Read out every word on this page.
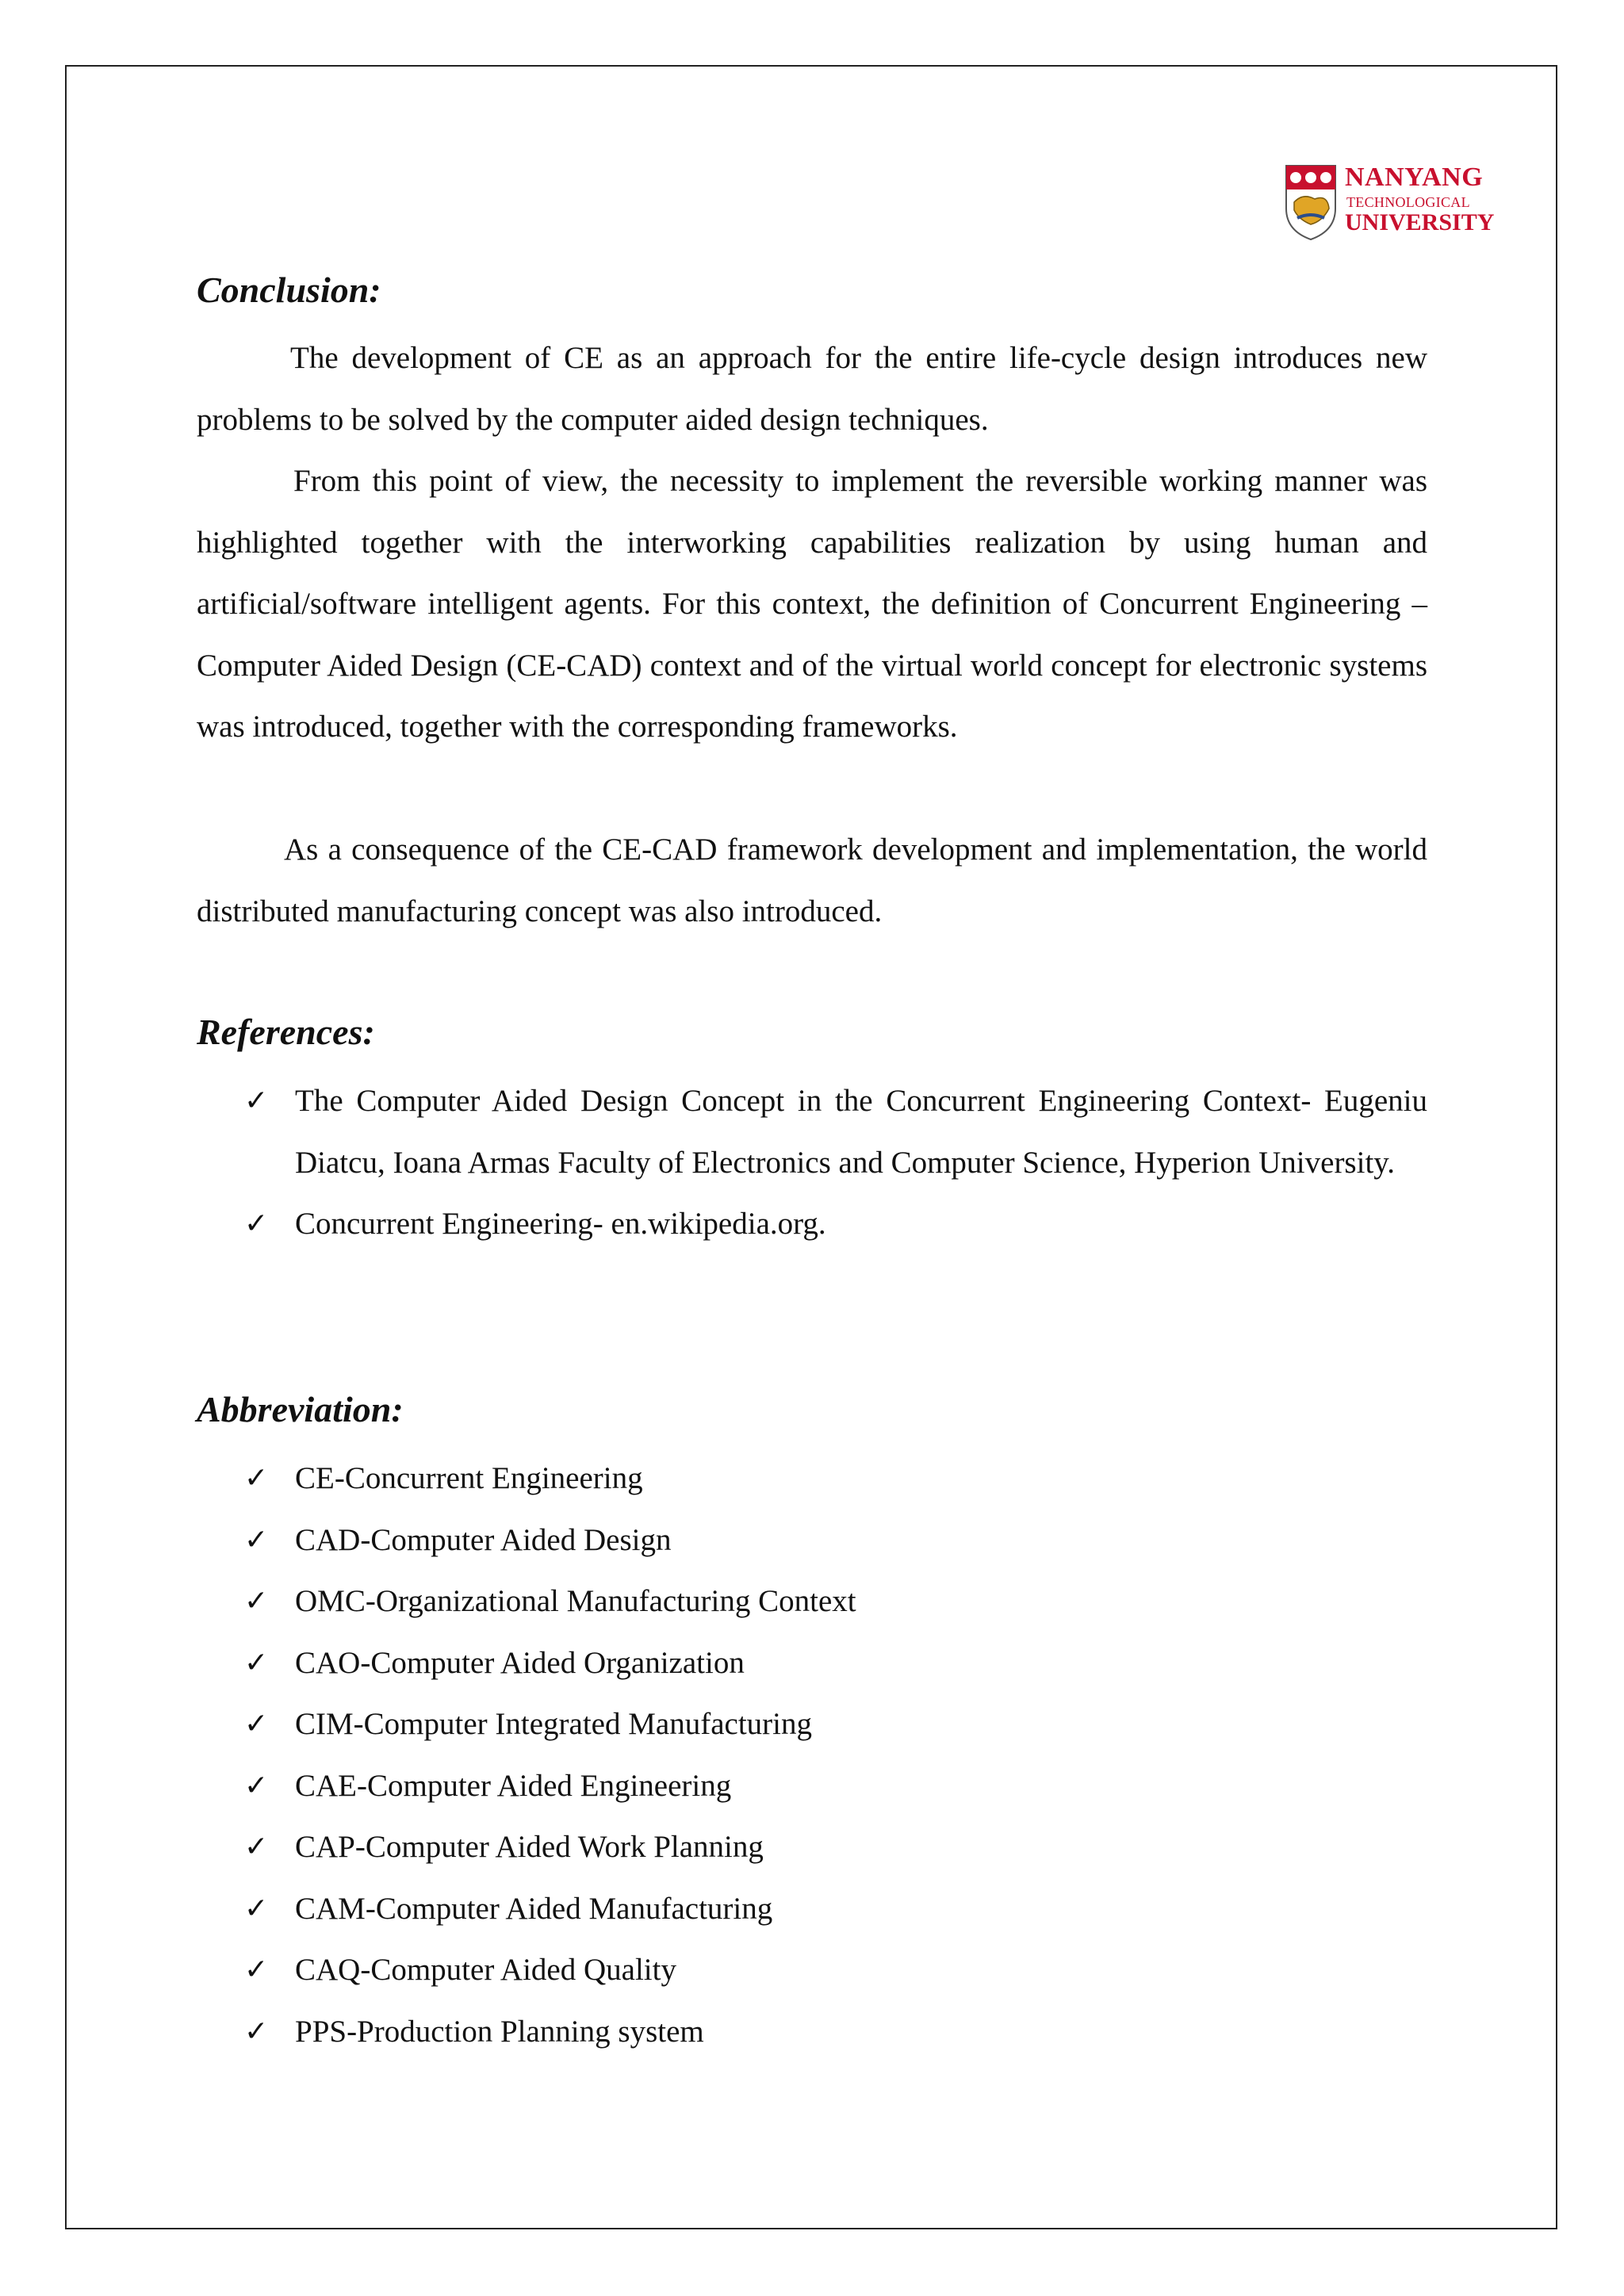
NANYANG
TECHNOLOGICAL
UNIVERSITY
Conclusion:

The development of CE as an approach for the entire life-cycle design introduces new problems to be solved by the computer aided design techniques.

From this point of view, the necessity to implement the reversible working manner was highlighted together with the interworking capabilities realization by using human and artificial/software intelligent agents. For this context, the definition of Concurrent Engineering – Computer Aided Design (CE-CAD) context and of the virtual world concept for electronic systems was introduced, together with the corresponding frameworks.

As a consequence of the CE-CAD framework development and implementation, the world distributed manufacturing concept was also introduced.

References:
✓ The Computer Aided Design Concept in the Concurrent Engineering Context- Eugeniu Diatcu, Ioana Armas Faculty of Electronics and Computer Science, Hyperion University.
✓ Concurrent Engineering- en.wikipedia.org.
Abbreviation:
✓ CE-Concurrent Engineering
✓ CAD-Computer Aided Design
✓ OMC-Organizational Manufacturing Context
✓ CAO-Computer Aided Organization
✓ CIM-Computer Integrated Manufacturing
✓ CAE-Computer Aided Engineering
✓ CAP-Computer Aided Work Planning
✓ CAM-Computer Aided Manufacturing
✓ CAQ-Computer Aided Quality
✓ PPS-Production Planning system
